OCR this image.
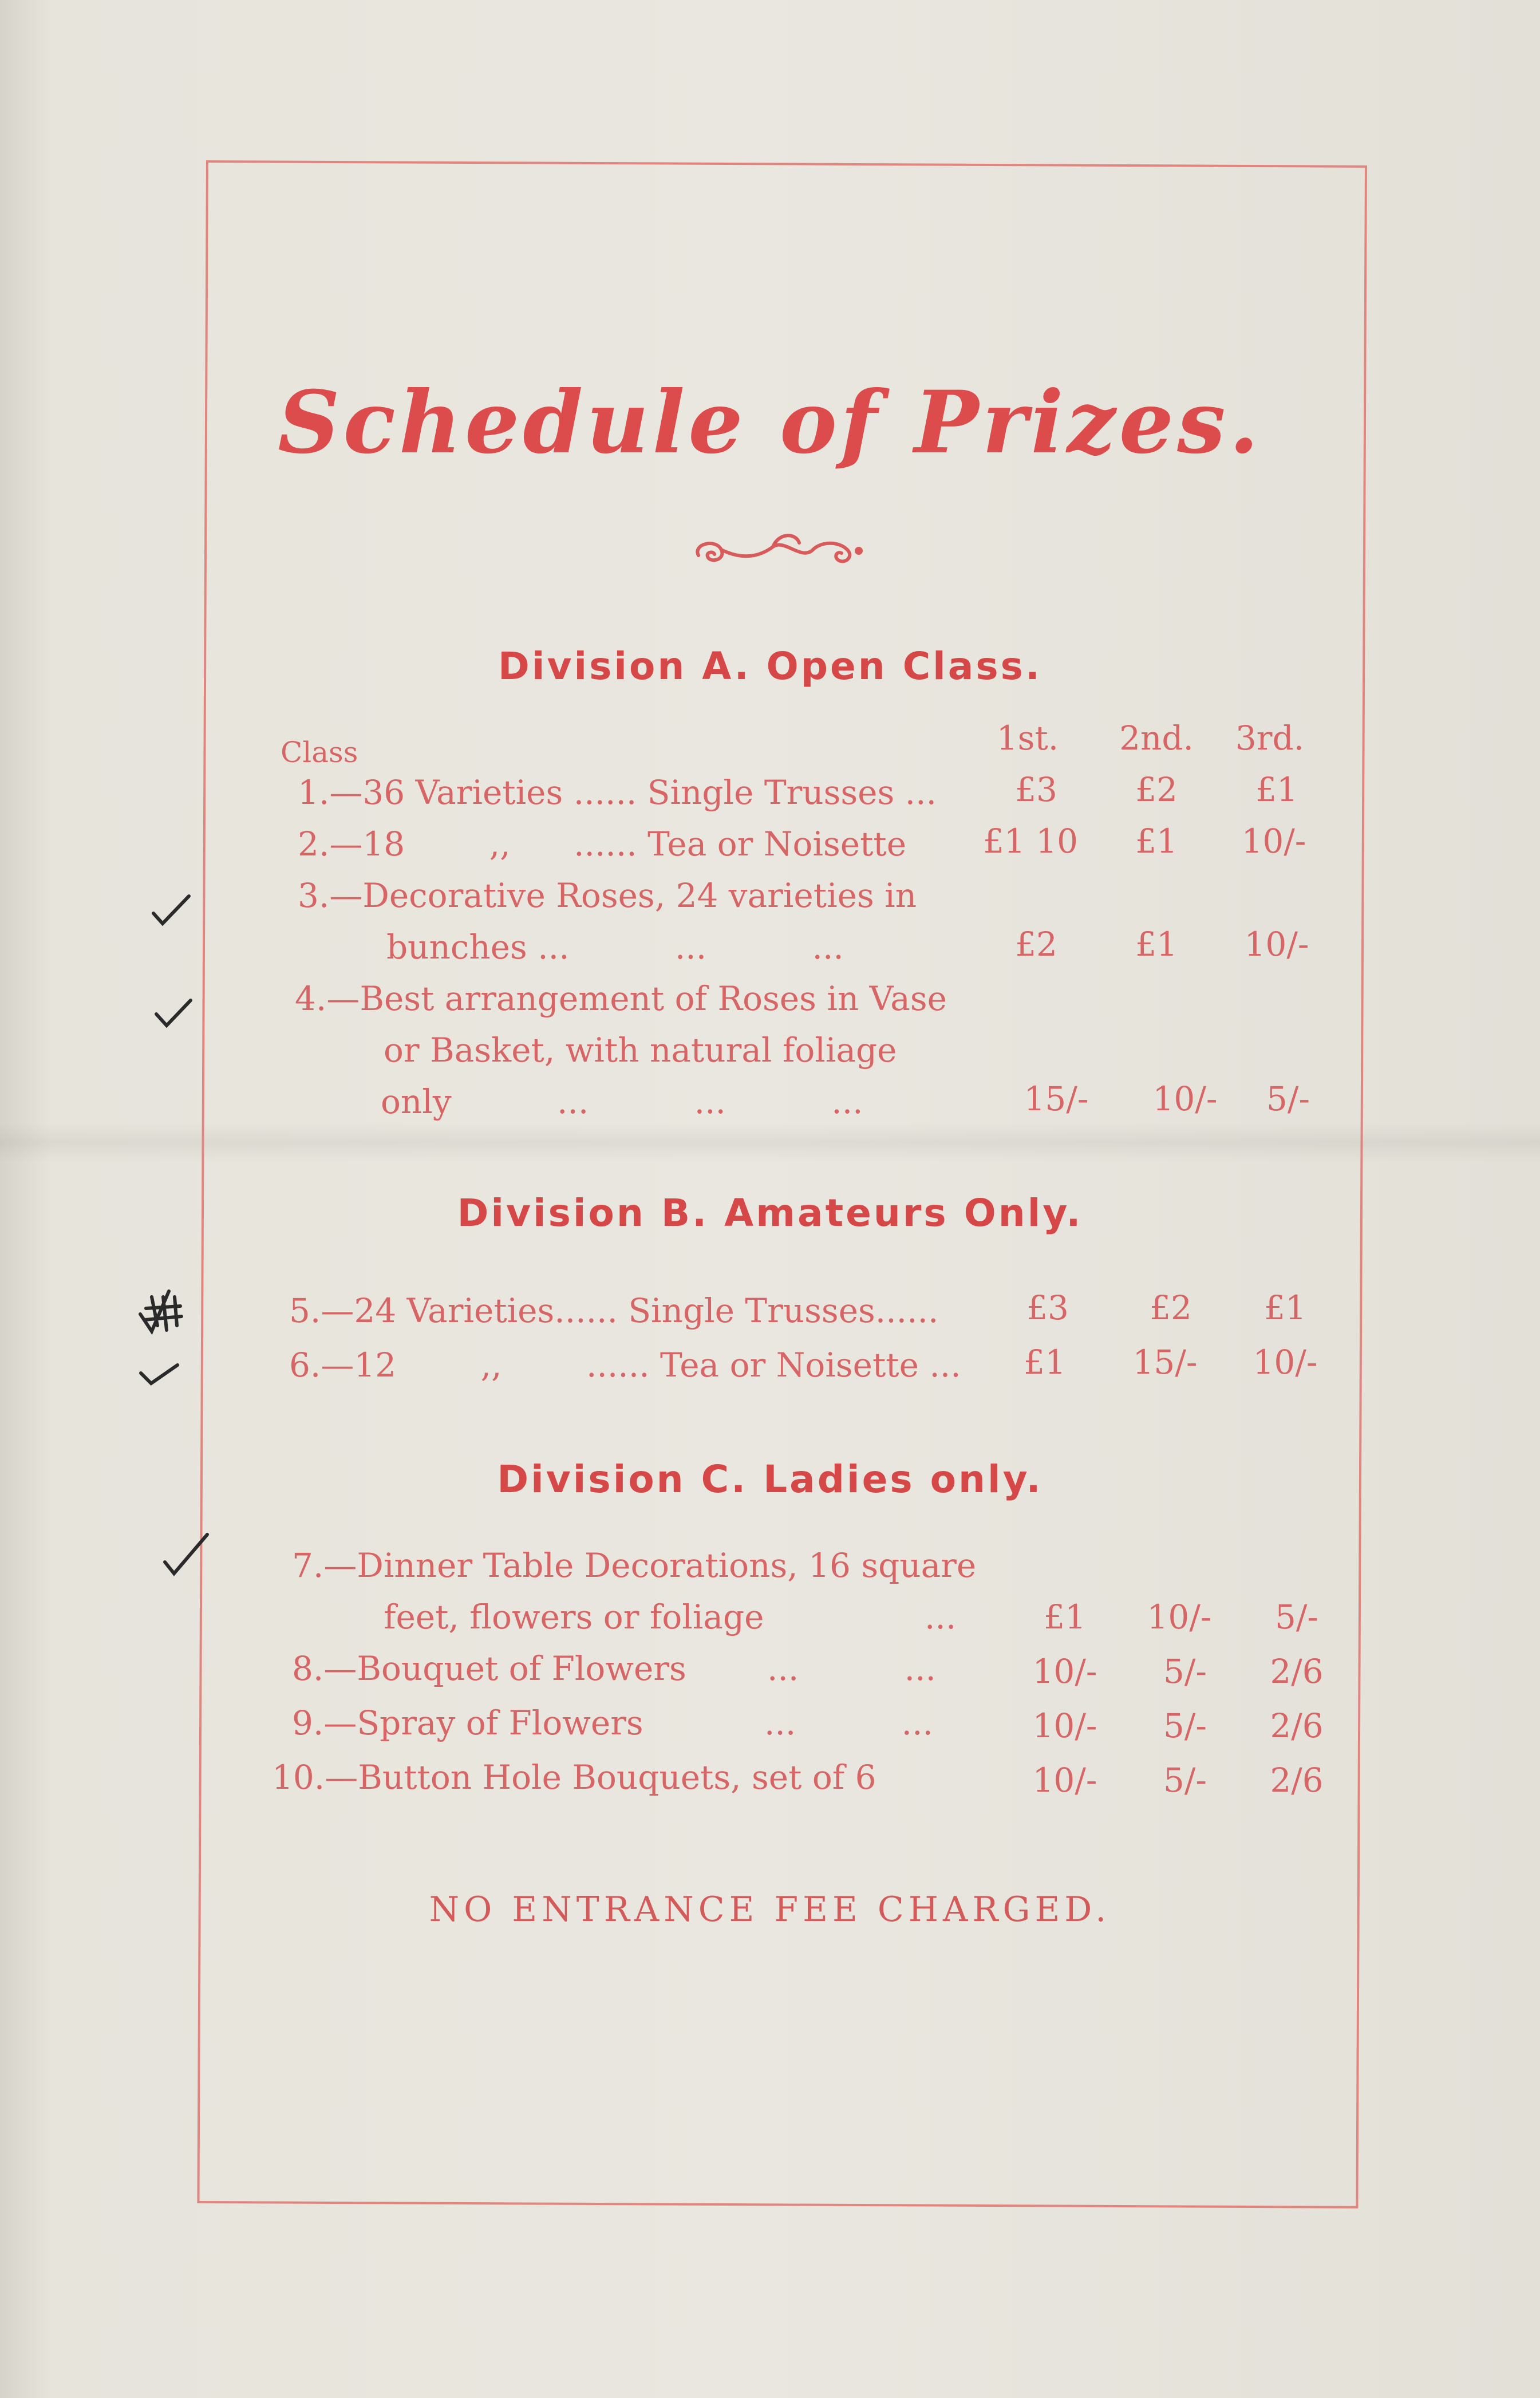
Schedule of Prizes.
Division A. Open Class.
Class	1st.	2nd.	3rd.
1.—36 Varieties ...... Single Trusses ...	£3	£2	£1
2.—18        ,,      ...... Tea or Noisette £1 10	£1	10/-
3.—Decorative Roses, 24 varieties in
bunches ...          ...          ...	£2	£1	10/-
4.—Best arrangement of Roses in Vase
or Basket, with natural foliage
only          ...          ...          ...	15/-	10/-	5/-
Division B. Amateurs Only.
5.—24 Varieties...... Single Trusses......	£3	£2	£1
6.—12        ,,        ...... Tea or Noisette ...	£1	15/-	10/-
Division C. Ladies only.
7.—Dinner Table Decorations, 16 square
feet, flowers or foliage	...	£1	10/-	5/-
8.—Bouquet of Flowers ...          ...	10/-	5/-	2/6
9.—Spray of Flowers	...          ...	10/-	5/-	2/6
10.—Button Hole Bouquets, set of 6	10/-	5/-	2/6
NO ENTRANCE FEE CHARGED.
